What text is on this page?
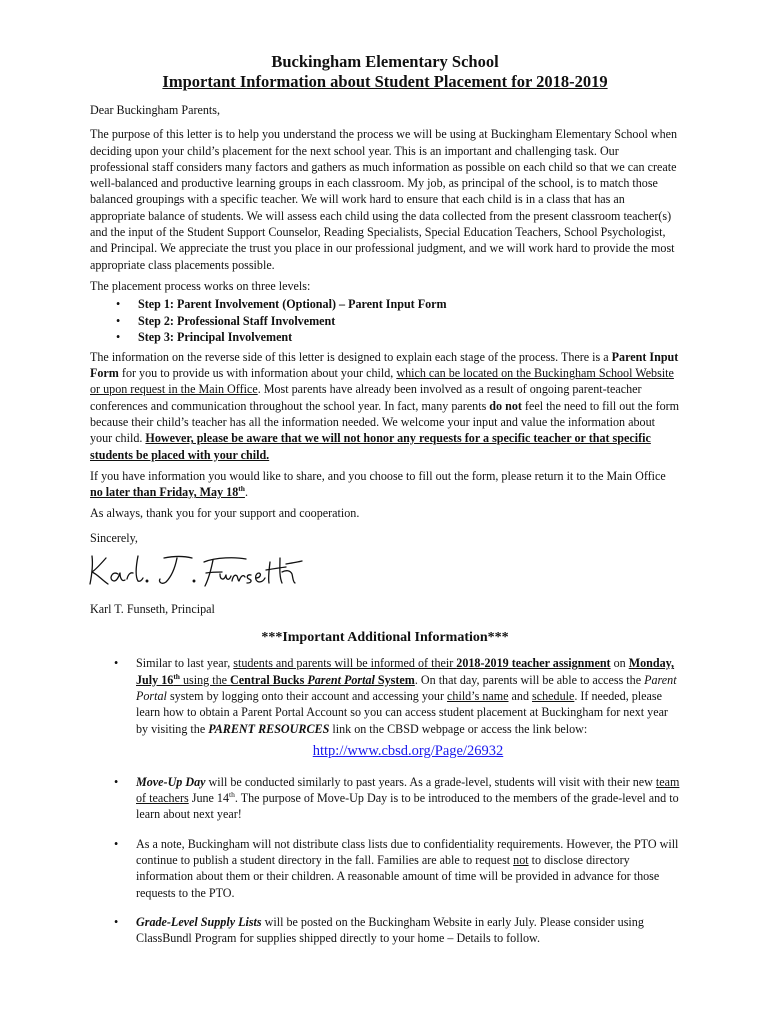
Buckingham Elementary School
Important Information about Student Placement for 2018-2019

Dear Buckingham Parents,

The purpose of this letter is to help you understand the process we will be using at Buckingham Elementary School when deciding upon your child’s placement for the next school year. This is an important and challenging task. Our professional staff considers many factors and gathers as much information as possible on each child so that we can create well-balanced and productive learning groups in each classroom. My job, as principal of the school, is to match those balanced groupings with a specific teacher. We will work hard to ensure that each child is in a class that has an appropriate balance of students. We will assess each child using the data collected from the present classroom teacher(s) and the input of the Student Support Counselor, Reading Specialists, Special Education Teachers, School Psychologist, and Principal. We appreciate the trust you place in our professional judgment, and we will work hard to provide the most appropriate class placements possible.

The placement process works on three levels:

• Step 1: Parent Involvement (Optional) – Parent Input Form
• Step 2: Professional Staff Involvement
• Step 3: Principal Involvement

The information on the reverse side of this letter is designed to explain each stage of the process. There is a Parent Input Form for you to provide us with information about your child, which can be located on the Buckingham School Website or upon request in the Main Office. Most parents have already been involved as a result of ongoing parent-teacher conferences and communication throughout the school year. In fact, many parents do not feel the need to fill out the form because their child’s teacher has all the information needed. We welcome your input and value the information about your child. However, please be aware that we will not honor any requests for a specific teacher or that specific students be placed with your child.

If you have information you would like to share, and you choose to fill out the form, please return it to the Main Office no later than Friday, May 18th.

As always, thank you for your support and cooperation.

Sincerely,

Karl T. Funseth, Principal

***Important Additional Information***
• Similar to last year, students and parents will be informed of their 2018-2019 teacher assignment on Monday, July 16th using the Central Bucks Parent Portal System. On that day, parents will be able to access the Parent Portal system by logging onto their account and accessing your child’s name and schedule. If needed, please learn how to obtain a Parent Portal Account so you can access student placement at Buckingham for next year by visiting the PARENT RESOURCES link on the CBSD webpage or access the link below:
http://www.cbsd.org/Page/26932
• Move-Up Day will be conducted similarly to past years. As a grade-level, students will visit with their new team of teachers June 14th. The purpose of Move-Up Day is to be introduced to the members of the grade-level and to learn about next year!
• As a note, Buckingham will not distribute class lists due to confidentiality requirements. However, the PTO will continue to publish a student directory in the fall. Families are able to request not to disclose directory information about them or their children. A reasonable amount of time will be provided in advance for those requests to the PTO.
• Grade-Level Supply Lists will be posted on the Buckingham Website in early July. Please consider using ClassBundl Program for supplies shipped directly to your home – Details to follow.
